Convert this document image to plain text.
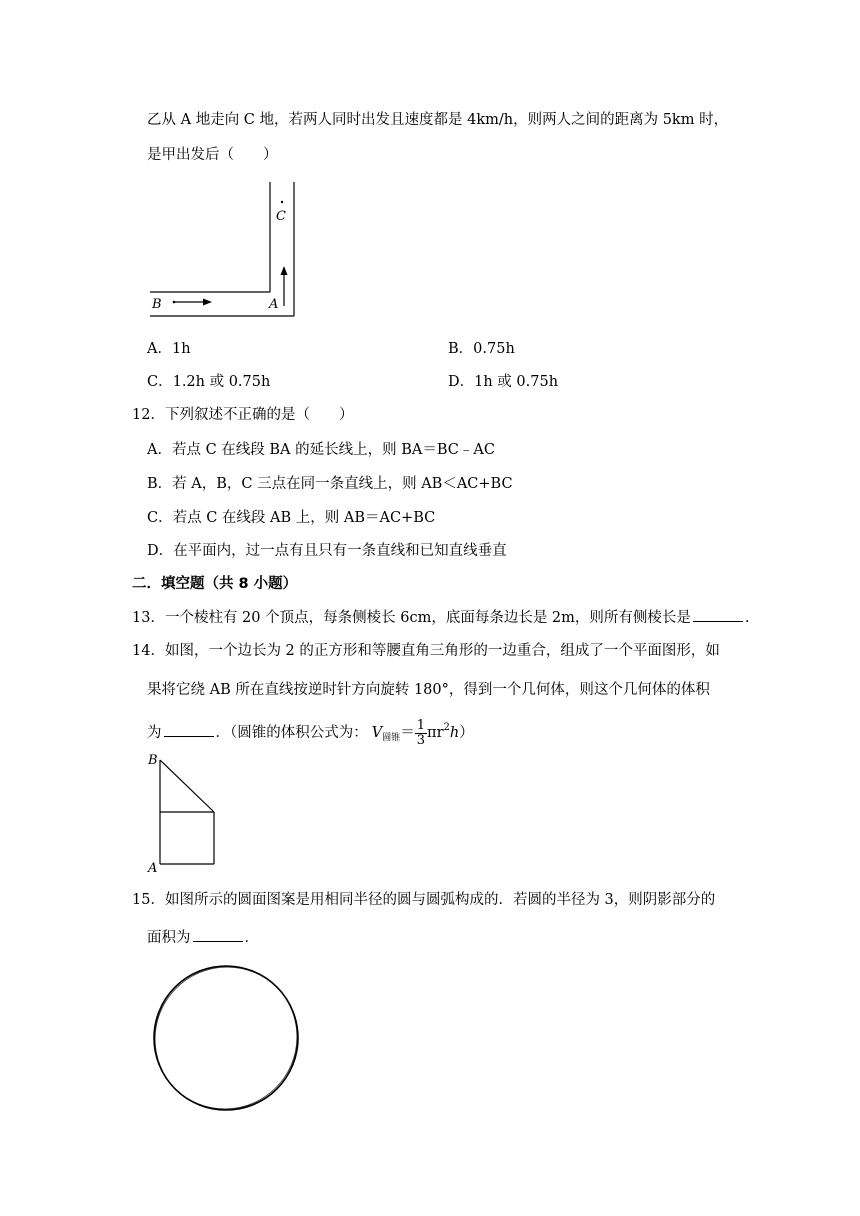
乙从 A 地走向 C 地，若两人同时出发且速度都是 4km/h，则两人之间的距离为 5km 时，
是甲出发后（　　）
C
B	A
A．1h	B．0.75h
C．1.2h 或 0.75h	D．1h 或 0.75h
12．下列叙述不正确的是（　　）
A．若点 C 在线段 BA 的延长线上，则 BA＝BC﹣AC
B．若 A，B，C 三点在同一条直线上，则 AB＜AC+BC
C．若点 C 在线段 AB 上，则 AB＝AC+BC
D．在平面内，过一点有且只有一条直线和已知直线垂直
二．填空题（共 8 小题）
13．一个棱柱有 20 个顶点，每条侧棱长 6cm，底面每条边长是 2m，则所有侧棱长是	.
14．如图，一个边长为 2 的正方形和等腰直角三角形的一边重合，组成了一个平面图形，如
果将它绕 AB 所在直线按逆时针方向旋转 180°，得到一个几何体，则这个几何体的体积
为	．（圆锥的体积公式为： $V_{圆锥}= \frac{1}{3} \pi r^2h$）
B
A
15．如图所示的圆面图案是用相同半径的圆与圆弧构成的．若圆的半径为 3，则阴影部分的
面积为	．
